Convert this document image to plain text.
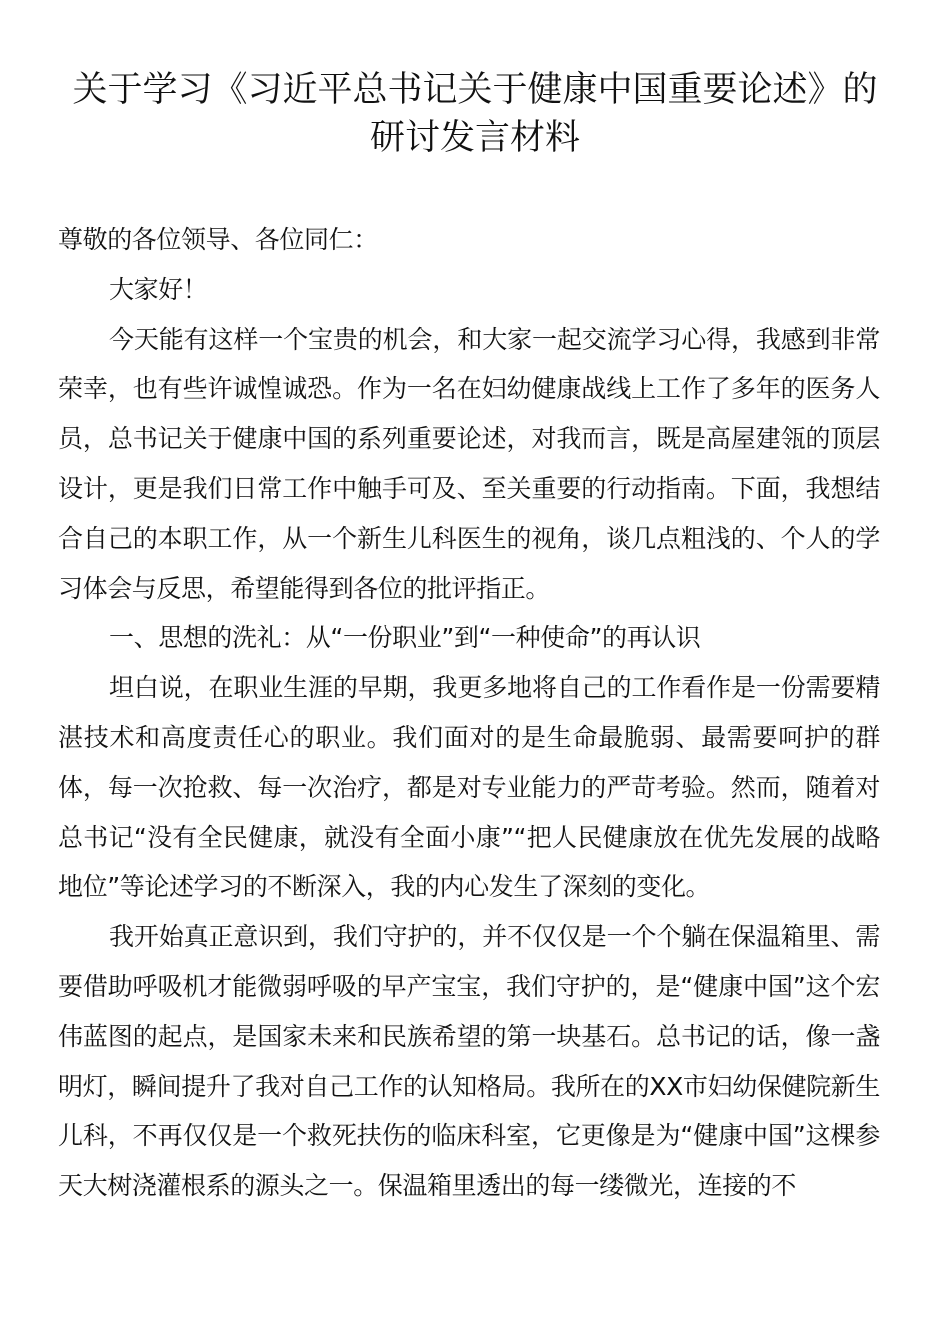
关于学习《习近平总书记关于健康中国重要论述》的
研讨发言材料

尊敬的各位领导、各位同仁：

大家好！

今天能有这样一个宝贵的机会，和大家一起交流学习心得，我感到非常荣幸，也有些许诚惶诚恐。作为一名在妇幼健康战线上工作了多年的医务人员，总书记关于健康中国的系列重要论述，对我而言，既是高屋建瓴的顶层设计，更是我们日常工作中触手可及、至关重要的行动指南。下面，我想结合自己的本职工作，从一个新生儿科医生的视角，谈几点粗浅的、个人的学习体会与反思，希望能得到各位的批评指正。

一、思想的洗礼：从“一份职业”到“一种使命”的再认识

坦白说，在职业生涯的早期，我更多地将自己的工作看作是一份需要精湛技术和高度责任心的职业。我们面对的是生命最脆弱、最需要呵护的群体，每一次抢救、每一次治疗，都是对专业能力的严苛考验。然而，随着对总书记“没有全民健康，就没有全面小康”“把人民健康放在优先发展的战略地位”等论述学习的不断深入，我的内心发生了深刻的变化。

我开始真正意识到，我们守护的，并不仅仅是一个个躺在保温箱里、需要借助呼吸机才能微弱呼吸的早产宝宝，我们守护的，是“健康中国”这个宏伟蓝图的起点，是国家未来和民族希望的第一块基石。总书记的话，像一盏明灯，瞬间提升了我对自己工作的认知格局。我所在的XX市妇幼保健院新生儿科，不再仅仅是一个救死扶伤的临床科室，它更像是为“健康中国”这棵参天大树浇灌根系的源头之一。保温箱里透出的每一缕微光，连接的不
